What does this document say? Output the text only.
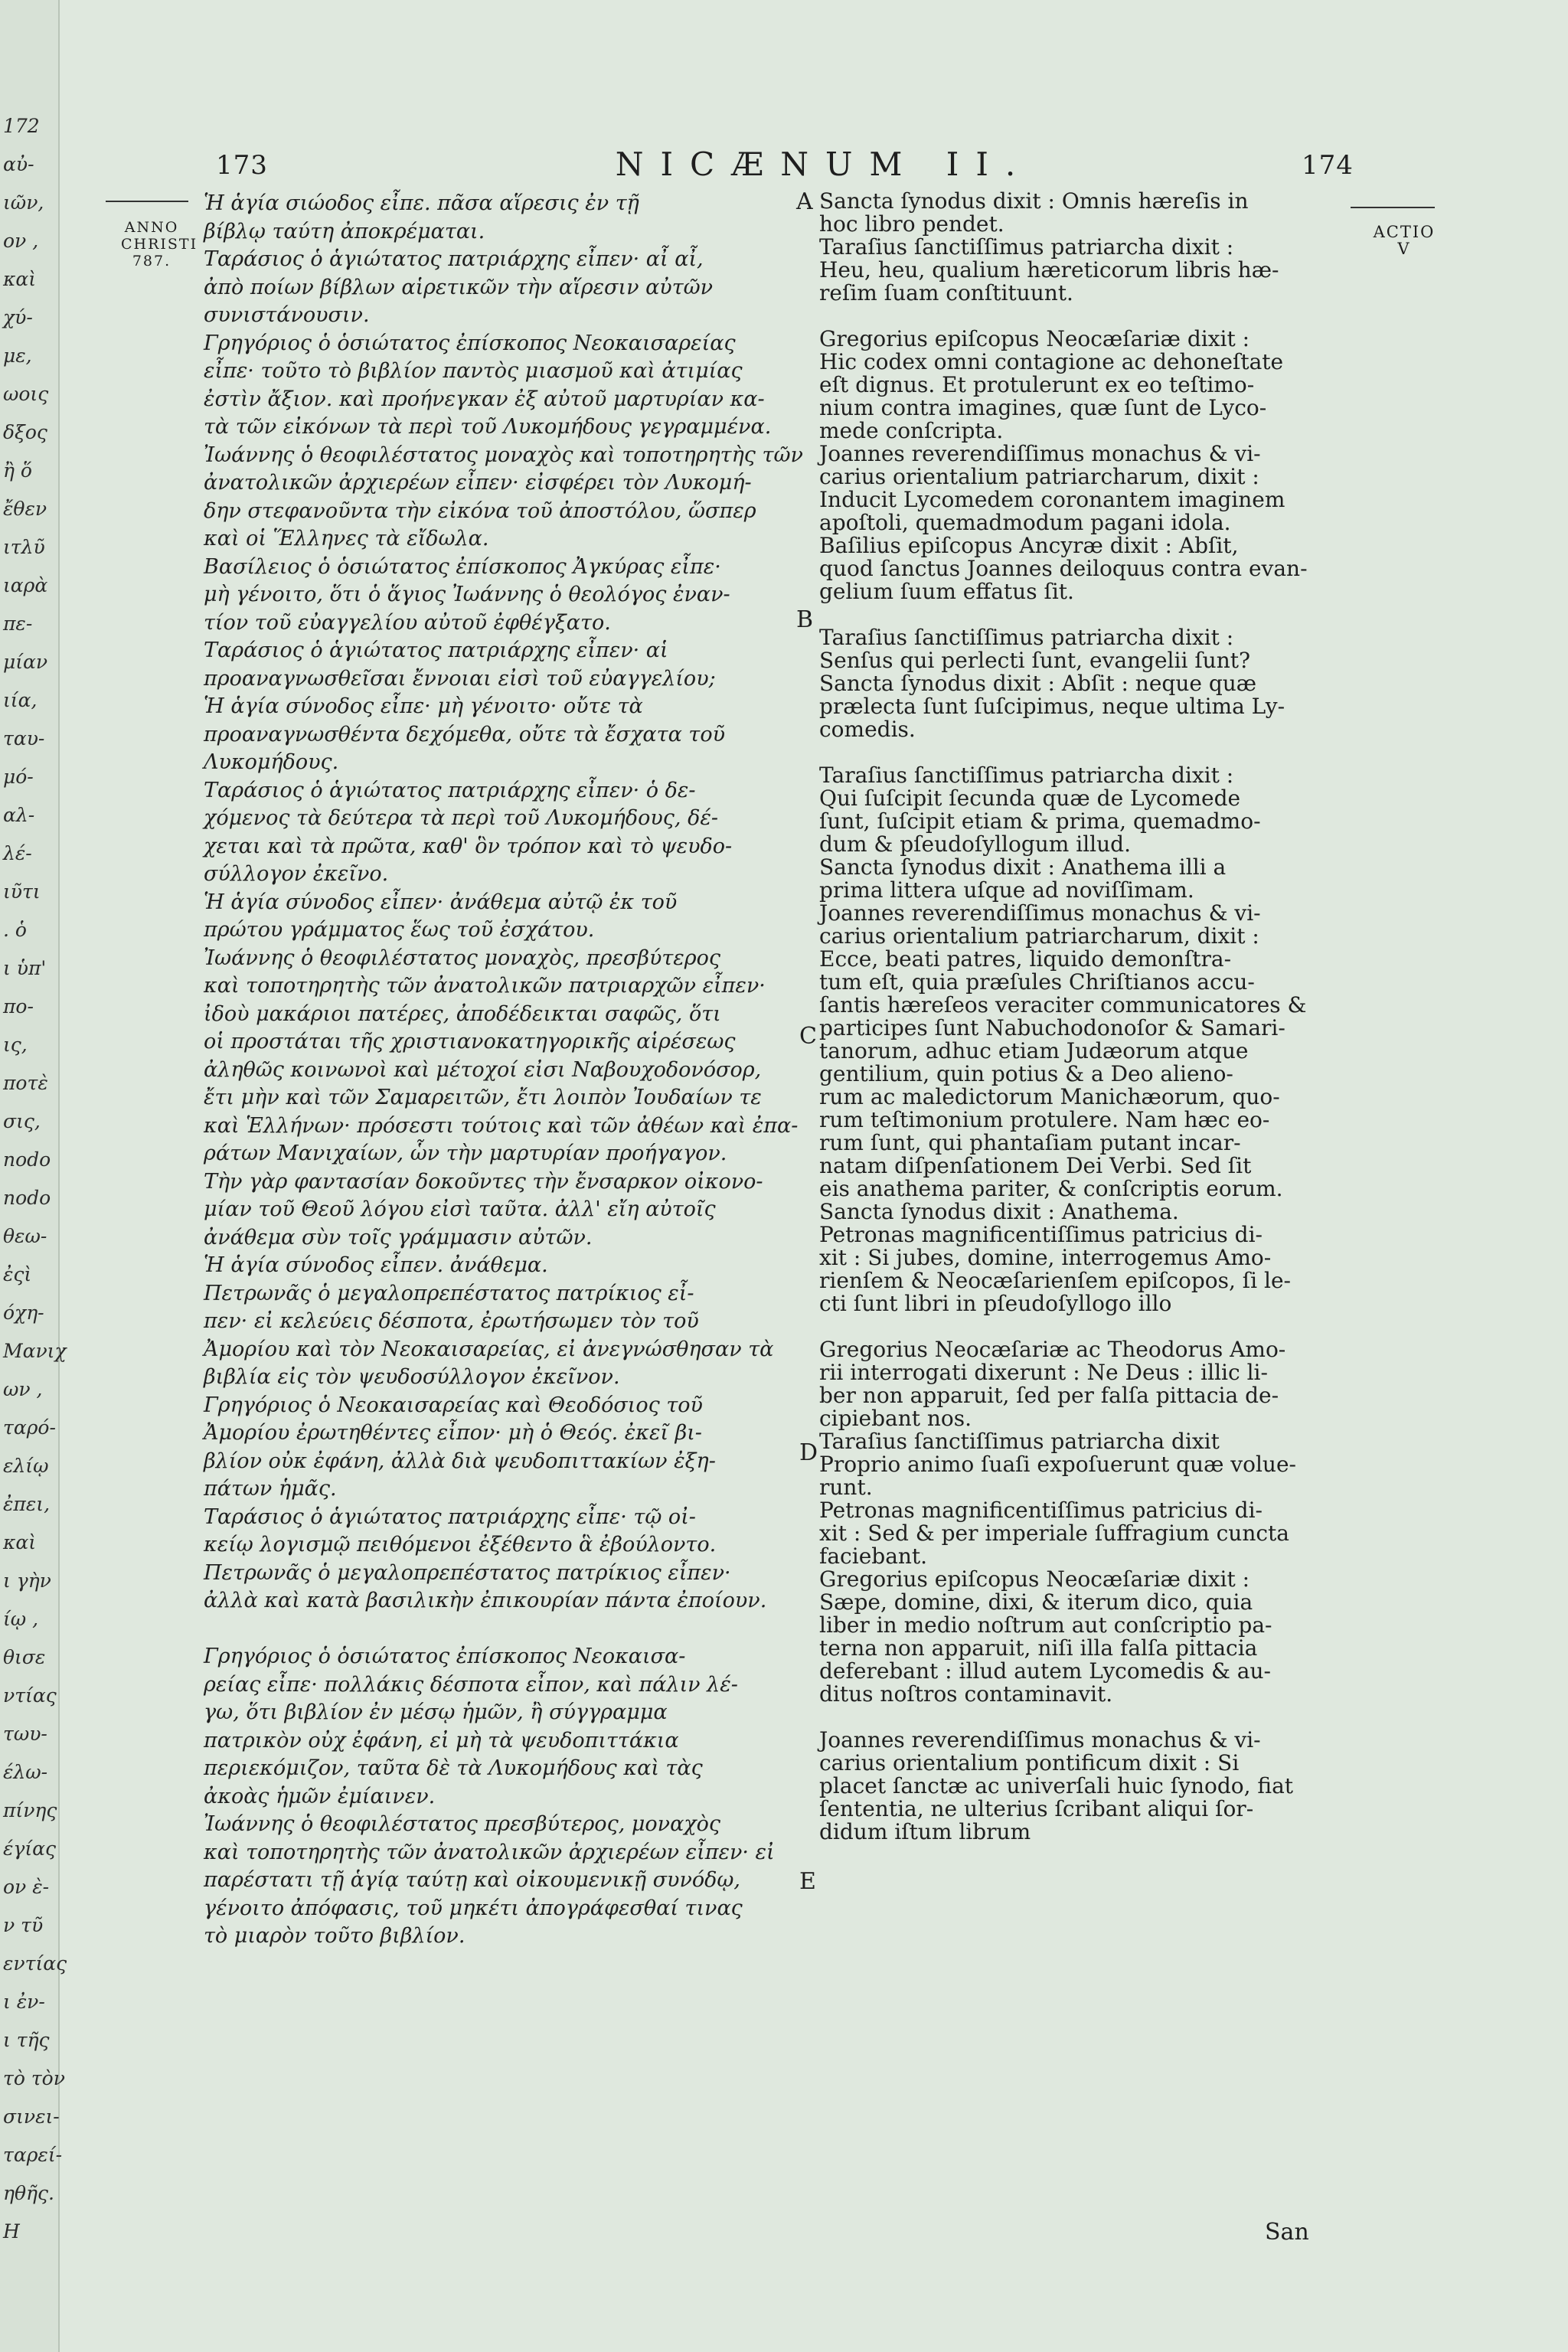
172
αὐ-
ιῶν,
ον ,
καὶ
χύ-
με,
ωοις
δξος
ἢ ὅ
ἔθεν
ιτλῦ
ιαρὰ
πε-
μίαν
ιία,
ταυ-
μό-
αλ-
λέ-
ιῦτι
. ὁ
ι ὑπ'
πο-
ις,
ποτὲ
σις,
nodo
nodo
θεω-
ἐςὶ
όχη-
Μανιχ
ων ,
ταρό-
ελίῳ
ἐπει,
καὶ
ι γὴν
ίῳ ,
θισε
ντίας
τωυ-
έλω-
πίνης
έγίας
ον ὲ-
ν τῦ
εντίας
ι ἐν-
ι τῆς
τὸ τὸν
σινει-
ταρεί-
ηθῆς.
H
173	NICÆNUM II.	174
ANNO
CHRISTI
787.
ACTIO
V
Ἡ ἁγία σιώοδος εἶπε. πᾶσα αἵρεσις ἐν τῇ
βίβλῳ ταύτη ἀποκρέμαται.
Ταράσιος ὁ ἁγιώτατος πατριάρχης εἶπεν· αἶ αἶ,
ἀπὸ ποίων βίβλων αἱρετικῶν τὴν αἵρεσιν αὐτῶν
συνιστάνουσιν.
Γρηγόριος ὁ ὁσιώτατος ἐπίσκοπος Νεοκαισαρείας
εἶπε· τοῦτο τὸ βιβλίον παντὸς μιασμοῦ καὶ ἀτιμίας
ἐστὶν ἄξιον. καὶ προήνεγκαν ἐξ αὐτοῦ μαρτυρίαν κα-
τὰ τῶν εἰκόνων τὰ περὶ τοῦ Λυκομήδους γεγραμμένα.
Ἰωάννης ὁ θεοφιλέστατος μοναχὸς καὶ τοποτηρητὴς τῶν
ἀνατολικῶν ἀρχιερέων εἶπεν· εἰσφέρει τὸν Λυκομή-
δην στεφανοῦντα τὴν εἰκόνα τοῦ ἀποστόλου, ὥσπερ
καὶ οἱ Ἕλληνες τὰ εἴδωλα.
Βασίλειος ὁ ὁσιώτατος ἐπίσκοπος Ἀγκύρας εἶπε·
μὴ γένοιτο, ὅτι ὁ ἅγιος Ἰωάννης ὁ θεολόγος ἐναν-
τίον τοῦ εὐαγγελίου αὐτοῦ ἐφθέγξατο.
Ταράσιος ὁ ἁγιώτατος πατριάρχης εἶπεν· αἱ
προαναγνωσθεῖσαι ἔννοιαι εἰσὶ τοῦ εὐαγγελίου;
Ἡ ἁγία σύνοδος εἶπε· μὴ γένοιτο· οὔτε τὰ
προαναγνωσθέντα δεχόμεθα, οὔτε τὰ ἔσχατα τοῦ
Λυκομήδους.
Ταράσιος ὁ ἁγιώτατος πατριάρχης εἶπεν· ὁ δε-
χόμενος τὰ δεύτερα τὰ περὶ τοῦ Λυκομήδους, δέ-
χεται καὶ τὰ πρῶτα, καθ' ὃν τρόπον καὶ τὸ ψευδο-
σύλλογον ἐκεῖνο.
Ἡ ἁγία σύνοδος εἶπεν· ἀνάθεμα αὐτῷ ἐκ τοῦ
πρώτου γράμματος ἕως τοῦ ἐσχάτου.
Ἰωάννης ὁ θεοφιλέστατος μοναχὸς, πρεσβύτερος
καὶ τοποτηρητὴς τῶν ἀνατολικῶν πατριαρχῶν εἶπεν·
ἰδοὺ μακάριοι πατέρες, ἀποδέδεικται σαφῶς, ὅτι
οἱ προστάται τῆς χριστιανοκατηγορικῆς αἱρέσεως
ἀληθῶς κοινωνοὶ καὶ μέτοχοί εἰσι Ναβουχοδονόσορ,
ἔτι μὴν καὶ τῶν Σαμαρειτῶν, ἔτι λοιπὸν Ἰουδαίων τε
καὶ Ἑλλήνων· πρόσεστι τούτοις καὶ τῶν ἀθέων καὶ ἐπα-
ράτων Μανιχαίων, ὧν τὴν μαρτυρίαν προήγαγον.
Τὴν γὰρ φαντασίαν δοκοῦντες τὴν ἔνσαρκον οἰκονο-
μίαν τοῦ Θεοῦ λόγου εἰσὶ ταῦτα. ἀλλ' εἴη αὐτοῖς
ἀνάθεμα σὺν τοῖς γράμμασιν αὐτῶν.
Ἡ ἁγία σύνοδος εἶπεν. ἀνάθεμα.
Πετρωνᾶς ὁ μεγαλοπρεπέστατος πατρίκιος εἶ-
πεν· εἰ κελεύεις δέσποτα, ἐρωτήσωμεν τὸν τοῦ
Ἀμορίου καὶ τὸν Νεοκαισαρείας, εἰ ἀνεγνώσθησαν τὰ
βιβλία εἰς τὸν ψευδοσύλλογον ἐκεῖνον.
Γρηγόριος ὁ Νεοκαισαρείας καὶ Θεοδόσιος τοῦ
Ἀμορίου ἐρωτηθέντες εἶπον· μὴ ὁ Θεός. ἐκεῖ βι-
βλίον οὐκ ἐφάνη, ἀλλὰ διὰ ψευδοπιττακίων ἐξη-
πάτων ἡμᾶς.
Ταράσιος ὁ ἁγιώτατος πατριάρχης εἶπε· τῷ οἰ-
κείῳ λογισμῷ πειθόμενοι ἐξέθεντο ἃ ἐβούλοντο.
Πετρωνᾶς ὁ μεγαλοπρεπέστατος πατρίκιος εἶπεν·
ἀλλὰ καὶ κατὰ βασιλικὴν ἐπικουρίαν πάντα ἐποίουν.

Γρηγόριος ὁ ὁσιώτατος ἐπίσκοπος Νεοκαισα-
ρείας εἶπε· πολλάκις δέσποτα εἶπον, καὶ πάλιν λέ-
γω, ὅτι βιβλίον ἐν μέσῳ ἡμῶν, ἢ σύγγραμμα
πατρικὸν οὐχ ἐφάνη, εἰ μὴ τὰ ψευδοπιττάκια
περιεκόμιζον, ταῦτα δὲ τὰ Λυκομήδους καὶ τὰς
ἀκοὰς ἡμῶν ἐμίαινεν.
Ἰωάννης ὁ θεοφιλέστατος πρεσβύτερος, μοναχὸς
καὶ τοποτηρητὴς τῶν ἀνατολικῶν ἀρχιερέων εἶπεν· εἰ
παρέστατι τῇ ἁγίᾳ ταύτῃ καὶ οἰκουμενικῇ συνόδῳ,
γένοιτο ἀπόφασις, τοῦ μηκέτι ἀπογράφεσθαί τινας
τὸ μιαρὸν τοῦτο βιβλίον.
Sancta ſynodus dixit : Omnis hæreſis in
hoc libro pendet.
Taraſius ſanctiſſimus patriarcha dixit :
Heu, heu, qualium hæreticorum libris hæ-
reſim ſuam conſtituunt.

Gregorius epiſcopus Neocæſariæ dixit :
Hic codex omni contagione ac dehoneſtate
eſt dignus. Et protulerunt ex eo teſtimo-
nium contra imagines, quæ ſunt de Lyco-
mede conſcripta.
Joannes reverendiſſimus monachus & vi-
carius orientalium patriarcharum, dixit :
Inducit Lycomedem coronantem imaginem
apoſtoli, quemadmodum pagani idola.
Baſilius epiſcopus Ancyræ dixit : Abſit,
quod ſanctus Joannes deiloquus contra evan-
gelium ſuum effatus ſit.

Taraſius ſanctiſſimus patriarcha dixit :
Senſus qui perlecti ſunt, evangelii ſunt?
Sancta ſynodus dixit : Abſit : neque quæ
prælecta ſunt ſuſcipimus, neque ultima Ly-
comedis.

Taraſius ſanctiſſimus patriarcha dixit :
Qui ſuſcipit ſecunda quæ de Lycomede
ſunt, ſuſcipit etiam & prima, quemadmo-
dum & pſeudoſyllogum illud.
Sancta ſynodus dixit : Anathema illi a
prima littera uſque ad noviſſimam.
Joannes reverendiſſimus monachus & vi-
carius orientalium patriarcharum, dixit :
Ecce, beati patres, liquido demonſtra-
tum eſt, quia præſules Chriſtianos accu-
ſantis hæreſeos veraciter communicatores &
participes ſunt Nabuchodonoſor & Samari-
tanorum, adhuc etiam Judæorum atque
gentilium, quin potius & a Deo alieno-
rum ac maledictorum Manichæorum, quo-
rum teſtimonium protulere. Nam hæc eo-
rum ſunt, qui phantaſiam putant incar-
natam diſpenſationem Dei Verbi. Sed ſit
eis anathema pariter, & conſcriptis eorum.
Sancta ſynodus dixit : Anathema.
Petronas magnificentiſſimus patricius di-
xit : Si jubes, domine, interrogemus Amo-
rienſem & Neocæſarienſem epiſcopos, ſi le-
cti ſunt libri in pſeudoſyllogo illo

Gregorius Neocæſariæ ac Theodorus Amo-
rii interrogati dixerunt : Ne Deus : illic li-
ber non apparuit, ſed per falſa pittacia de-
cipiebant nos.
Taraſius ſanctiſſimus patriarcha dixit
Proprio animo ſuaſi expoſuerunt quæ volue-
runt.
Petronas magnificentiſſimus patricius di-
xit : Sed & per imperiale ſuffragium cuncta
faciebant.
Gregorius epiſcopus Neocæſariæ dixit :
Sæpe, domine, dixi, & iterum dico, quia
liber in medio noſtrum aut conſcriptio pa-
terna non apparuit, niſi illa falſa pittacia
deferebant : illud autem Lycomedis & au-
ditus noſtros contaminavit.

Joannes reverendiſſimus monachus & vi-
carius orientalium pontificum dixit : Si
placet ſanctæ ac univerſali huic ſynodo, fiat
ſententia, ne ulterius ſcribant aliqui ſor-
didum iſtum librum
A
B
C
D
E
San
